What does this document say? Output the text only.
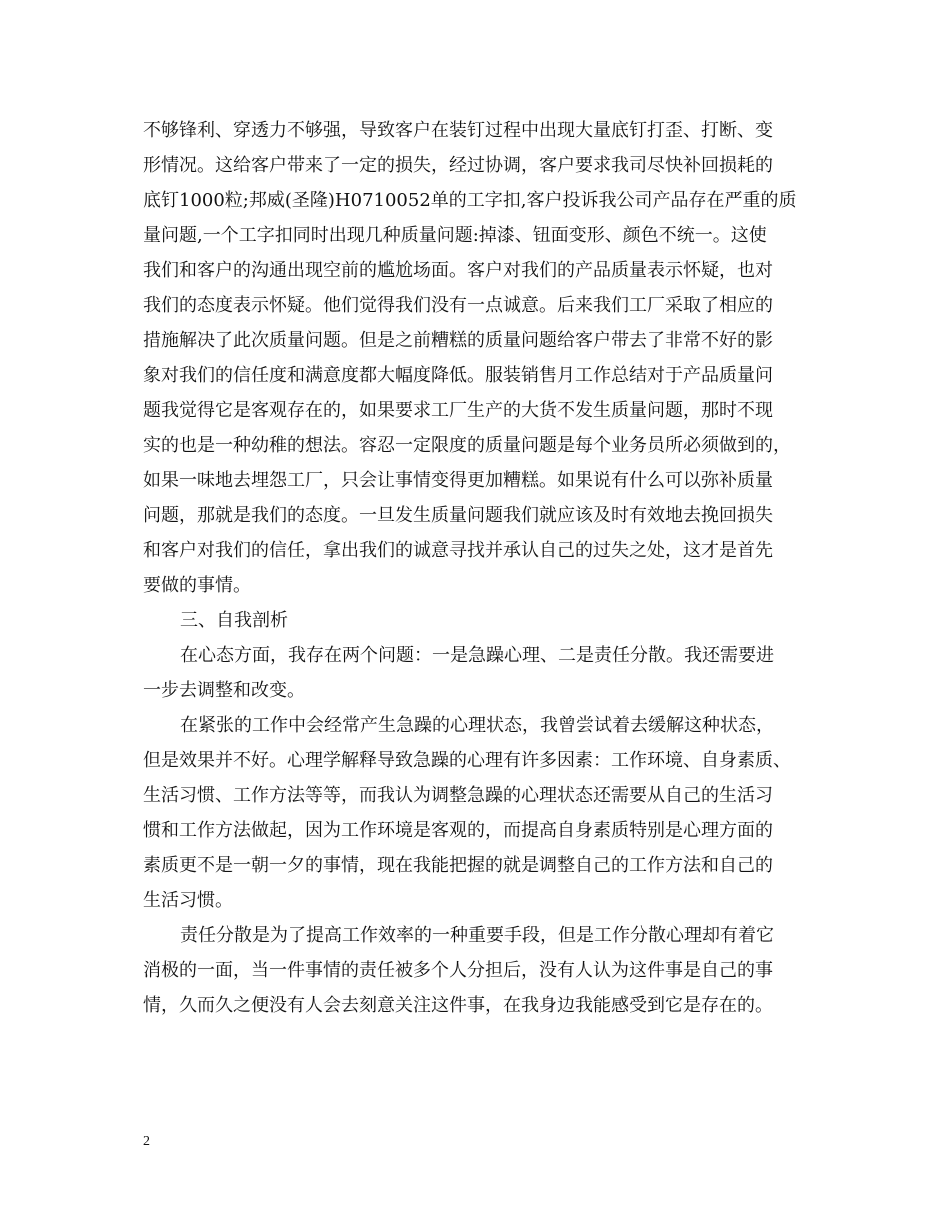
不够锋利、穿透力不够强，导致客户在装钉过程中出现大量底钉打歪、打断、变
形情况。这给客户带来了一定的损失，经过协调，客户要求我司尽快补回损耗的
底钉1000粒;邦威(圣隆)H0710052单的工字扣,客户投诉我公司产品存在严重的质
量问题,一个工字扣同时出现几种质量问题:掉漆、钮面变形、颜色不统一。这使
我们和客户的沟通出现空前的尴尬场面。客户对我们的产品质量表示怀疑，也对
我们的态度表示怀疑。他们觉得我们没有一点诚意。后来我们工厂采取了相应的
措施解决了此次质量问题。但是之前糟糕的质量问题给客户带去了非常不好的影
象对我们的信任度和满意度都大幅度降低。服装销售月工作总结对于产品质量问
题我觉得它是客观存在的，如果要求工厂生产的大货不发生质量问题，那时不现
实的也是一种幼稚的想法。容忍一定限度的质量问题是每个业务员所必须做到的，
如果一味地去埋怨工厂，只会让事情变得更加糟糕。如果说有什么可以弥补质量
问题，那就是我们的态度。一旦发生质量问题我们就应该及时有效地去挽回损失
和客户对我们的信任，拿出我们的诚意寻找并承认自己的过失之处，这才是首先
要做的事情。
三、自我剖析
在心态方面，我存在两个问题：一是急躁心理、二是责任分散。我还需要进
一步去调整和改变。
在紧张的工作中会经常产生急躁的心理状态，我曾尝试着去缓解这种状态，
但是效果并不好。心理学解释导致急躁的心理有许多因素：工作环境、自身素质、
生活习惯、工作方法等等，而我认为调整急躁的心理状态还需要从自己的生活习
惯和工作方法做起，因为工作环境是客观的，而提高自身素质特别是心理方面的
素质更不是一朝一夕的事情，现在我能把握的就是调整自己的工作方法和自己的
生活习惯。
责任分散是为了提高工作效率的一种重要手段，但是工作分散心理却有着它
消极的一面，当一件事情的责任被多个人分担后，没有人认为这件事是自己的事
情，久而久之便没有人会去刻意关注这件事，在我身边我能感受到它是存在的。
2
